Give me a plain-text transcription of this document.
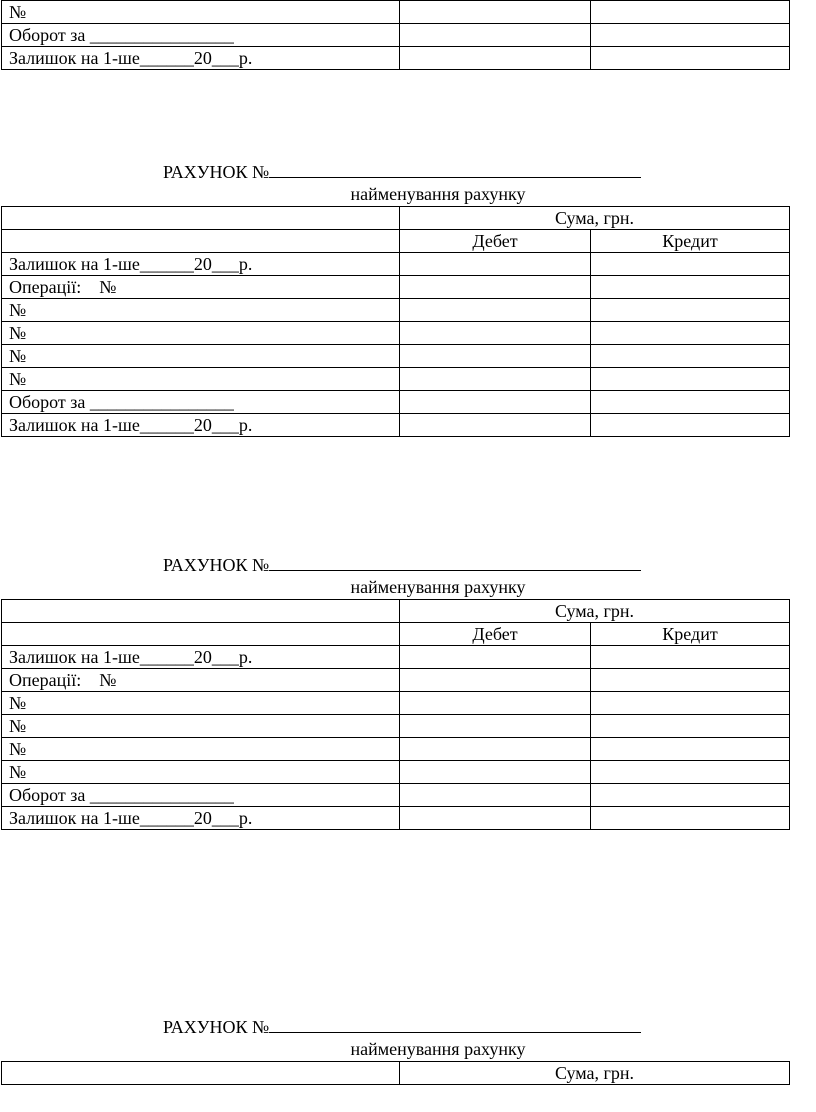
№		
Оборот за ________________		
Залишок на 1-ше______20___р.		
РАХУНОК №
найменування рахунку
	Сума, грн.	
	Дебет	Кредит
Залишок на 1-ше______20___р.		
Операції:    №		
№		
№		
№		
№		
Оборот за ________________		
Залишок на 1-ше______20___р.		
РАХУНОК №
найменування рахунку
	Сума, грн.	
	Дебет	Кредит
Залишок на 1-ше______20___р.		
Операції:    №		
№		
№		
№		
№		
Оборот за ________________		
Залишок на 1-ше______20___р.		
РАХУНОК №
найменування рахунку
	Сума, грн.
